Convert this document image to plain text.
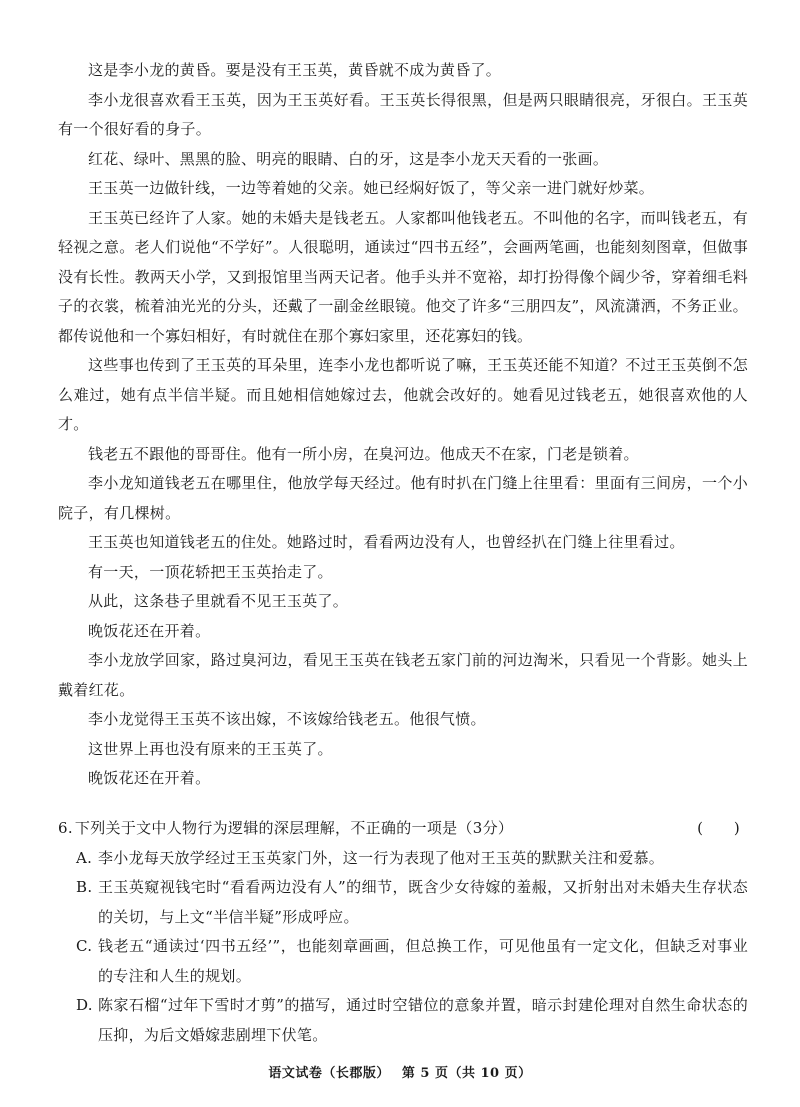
这是李小龙的黄昏。要是没有王玉英，黄昏就不成为黄昏了。

李小龙很喜欢看王玉英，因为王玉英好看。王玉英长得很黑，但是两只眼睛很亮，牙很白。王玉英有一个很好看的身子。

红花、绿叶、黑黑的脸、明亮的眼睛、白的牙，这是李小龙天天看的一张画。

王玉英一边做针线，一边等着她的父亲。她已经焖好饭了，等父亲一进门就好炒菜。

王玉英已经许了人家。她的未婚夫是钱老五。人家都叫他钱老五。不叫他的名字，而叫钱老五，有轻视之意。老人们说他“不学好”。人很聪明，通读过“四书五经”，会画两笔画，也能刻刻图章，但做事没有长性。教两天小学，又到报馆里当两天记者。他手头并不宽裕，却打扮得像个阔少爷，穿着细毛料子的衣裳，梳着油光光的分头，还戴了一副金丝眼镜。他交了许多“三朋四友”，风流潇洒，不务正业。都传说他和一个寡妇相好，有时就住在那个寡妇家里，还花寡妇的钱。

这些事也传到了王玉英的耳朵里，连李小龙也都听说了嘛，王玉英还能不知道？不过王玉英倒不怎么难过，她有点半信半疑。而且她相信她嫁过去，他就会改好的。她看见过钱老五，她很喜欢他的人才。

钱老五不跟他的哥哥住。他有一所小房，在臭河边。他成天不在家，门老是锁着。

李小龙知道钱老五在哪里住，他放学每天经过。他有时扒在门缝上往里看：里面有三间房，一个小院子，有几棵树。

王玉英也知道钱老五的住处。她路过时，看看两边没有人，也曾经扒在门缝上往里看过。

有一天，一顶花轿把王玉英抬走了。

从此，这条巷子里就看不见王玉英了。

晚饭花还在开着。

李小龙放学回家，路过臭河边，看见王玉英在钱老五家门前的河边淘米，只看见一个背影。她头上戴着红花。

李小龙觉得王玉英不该出嫁，不该嫁给钱老五。他很气愤。

这世界上再也没有原来的王玉英了。

晚饭花还在开着。

6. 下列关于文中人物行为逻辑的深层理解，不正确的一项是（3分）	(　　)

A. 李小龙每天放学经过王玉英家门外，这一行为表现了他对王玉英的默默关注和爱慕。

B. 王玉英窥视钱宅时“看看两边没有人”的细节，既含少女待嫁的羞赧，又折射出对未婚夫生存状态的关切，与上文“半信半疑”形成呼应。

C. 钱老五“通读过‘四书五经’”，也能刻章画画，但总换工作，可见他虽有一定文化，但缺乏对事业的专注和人生的规划。

D. 陈家石榴“过年下雪时才剪”的描写，通过时空错位的意象并置，暗示封建伦理对自然生命状态的压抑，为后文婚嫁悲剧埋下伏笔。

语文试卷（长郡版） 第 5 页（共 10 页）
